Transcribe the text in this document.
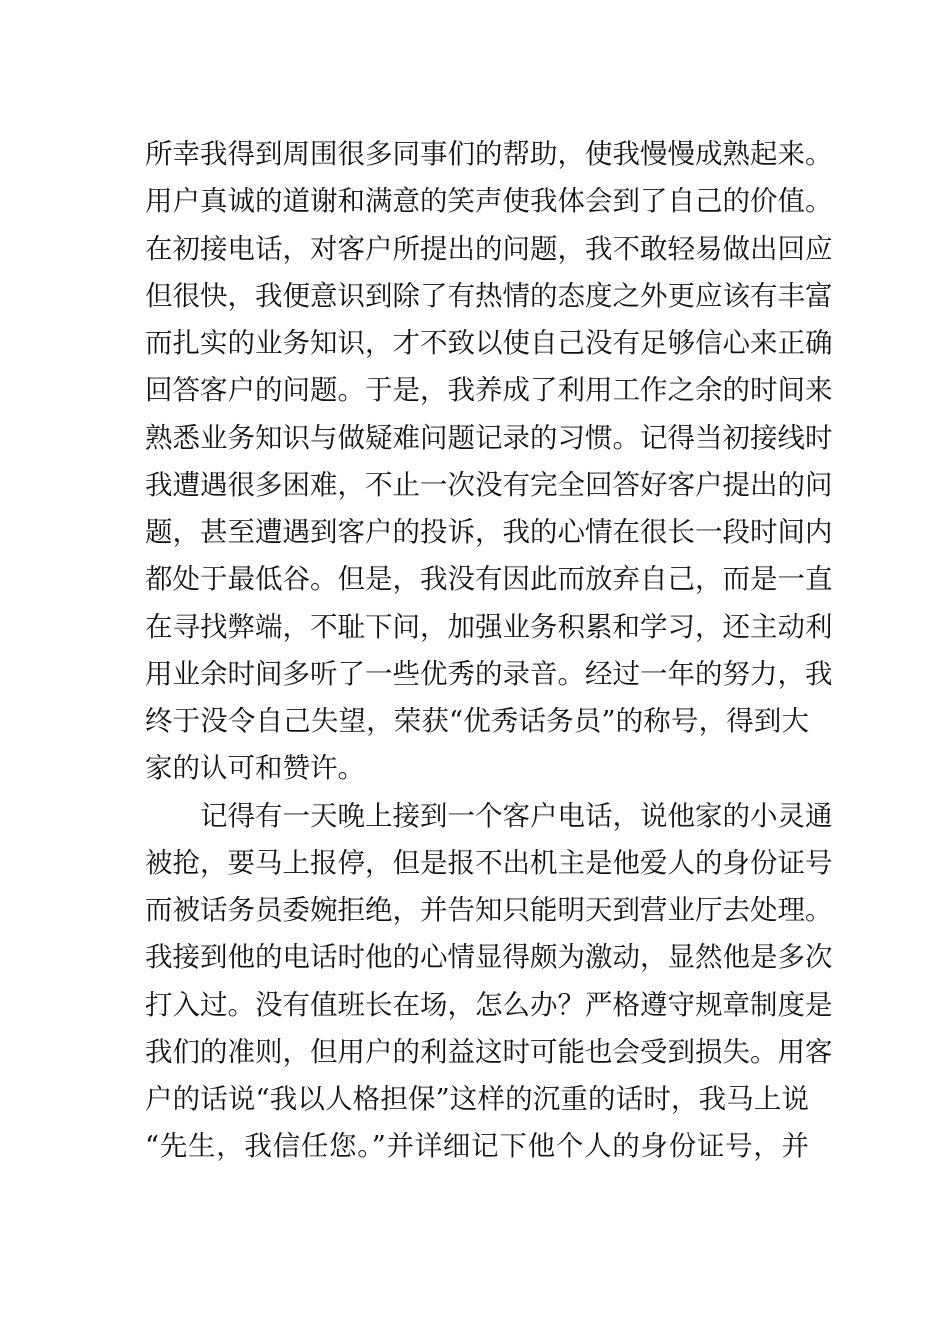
所幸我得到周围很多同事们的帮助，使我慢慢成熟起来。
用户真诚的道谢和满意的笑声使我体会到了自己的价值。
在初接电话，对客户所提出的问题，我不敢轻易做出回应
但很快，我便意识到除了有热情的态度之外更应该有丰富
而扎实的业务知识，才不致以使自己没有足够信心来正确
回答客户的问题。于是，我养成了利用工作之余的时间来
熟悉业务知识与做疑难问题记录的习惯。记得当初接线时
我遭遇很多困难，不止一次没有完全回答好客户提出的问
题，甚至遭遇到客户的投诉，我的心情在很长一段时间内
都处于最低谷。但是，我没有因此而放弃自己，而是一直
在寻找弊端，不耻下问，加强业务积累和学习，还主动利
用业余时间多听了一些优秀的录音。经过一年的努力，我
终于没令自己失望，荣获“优秀话务员”的称号，得到大
家的认可和赞许。
记得有一天晚上接到一个客户电话，说他家的小灵通
被抢，要马上报停，但是报不出机主是他爱人的身份证号
而被话务员委婉拒绝，并告知只能明天到营业厅去处理。
我接到他的电话时他的心情显得颇为激动，显然他是多次
打入过。没有值班长在场，怎么办？严格遵守规章制度是
我们的准则，但用户的利益这时可能也会受到损失。用客
户的话说“我以人格担保”这样的沉重的话时，我马上说
“先生，我信任您。”并详细记下他个人的身份证号，并
